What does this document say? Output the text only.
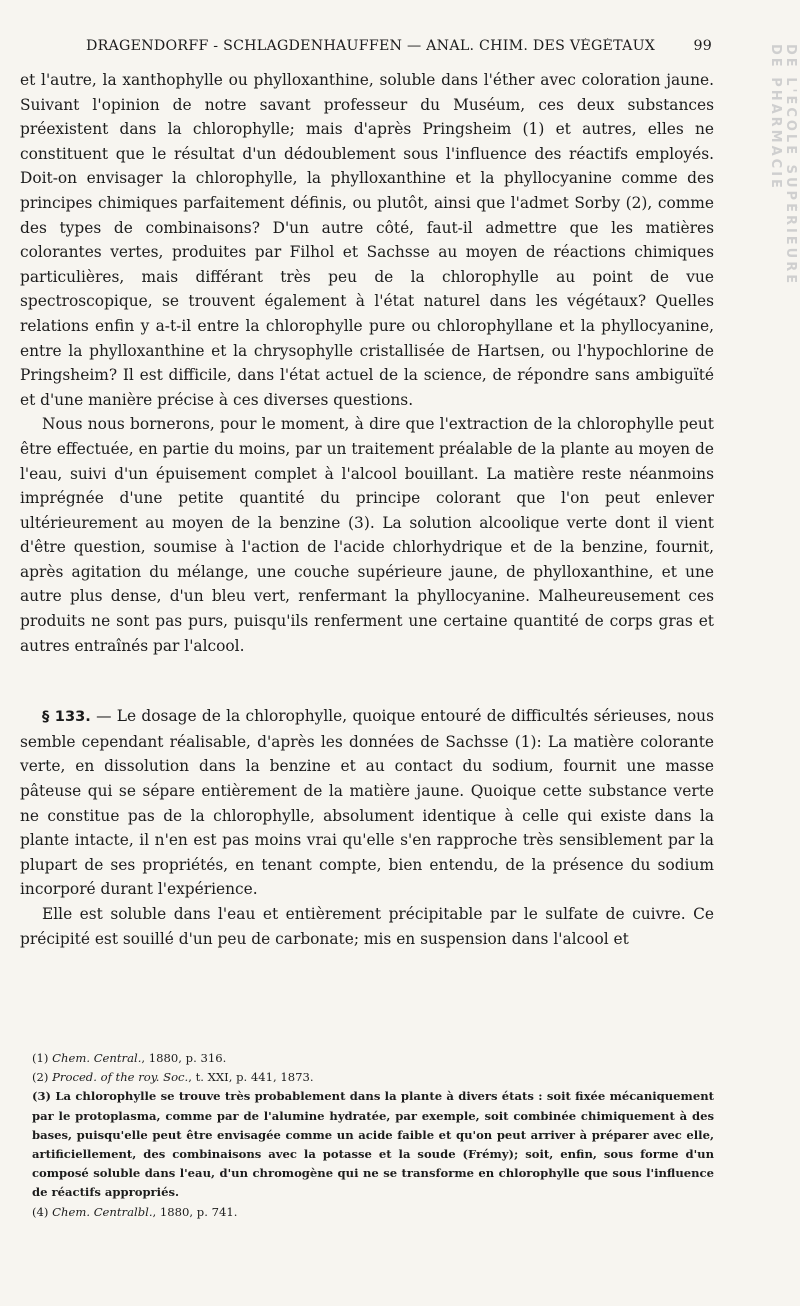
DRAGENDORFF - SCHLAGDENHAUFFEN — ANAL. CHIM. DES VÉGÉTAUX	99	DE L'ÉCOLE SUPÉRIEURE
DE PHARMACIE

et l'autre, la xanthophylle ou phylloxanthine, soluble dans l'éther avec coloration jaune. Suivant l'opinion de notre savant professeur du Muséum, ces deux substances préexistent dans la chlorophylle; mais d'après Pringsheim (1) et autres, elles ne constituent que le résultat d'un dédoublement sous l'influence des réactifs employés. Doit-on envisager la chlorophylle, la phylloxanthine et la phyllocyanine comme des principes chimiques parfaitement définis, ou plutôt, ainsi que l'admet Sorby (2), comme des types de combinaisons? D'un autre côté, faut-il admettre que les matières colorantes vertes, produites par Filhol et Sachsse au moyen de réactions chimiques particulières, mais différant très peu de la chlorophylle au point de vue spectroscopique, se trouvent également à l'état naturel dans les végétaux? Quelles relations enfin y a-t-il entre la chlorophylle pure ou chlorophyllane et la phyllocyanine, entre la phylloxanthine et la chrysophylle cristallisée de Hartsen, ou l'hypochlorine de Pringsheim? Il est difficile, dans l'état actuel de la science, de répondre sans ambiguïté et d'une manière précise à ces diverses questions.

Nous nous bornerons, pour le moment, à dire que l'extraction de la chlorophylle peut être effectuée, en partie du moins, par un traitement préalable de la plante au moyen de l'eau, suivi d'un épuisement complet à l'alcool bouillant. La matière reste néanmoins imprégnée d'une petite quantité du principe colorant que l'on peut enlever ultérieurement au moyen de la benzine (3). La solution alcoolique verte dont il vient d'être question, soumise à l'action de l'acide chlorhydrique et de la benzine, fournit, après agitation du mélange, une couche supérieure jaune, de phylloxanthine, et une autre plus dense, d'un bleu vert, renfermant la phyllocyanine. Malheureusement ces produits ne sont pas purs, puisqu'ils renferment une certaine quantité de corps gras et autres entraînés par l'alcool.

§ 133. — Le dosage de la chlorophylle, quoique entouré de difficultés sérieuses, nous semble cependant réalisable, d'après les données de Sachsse (1): La matière colorante verte, en dissolution dans la benzine et au contact du sodium, fournit une masse pâteuse qui se sépare entièrement de la matière jaune. Quoique cette substance verte ne constitue pas de la chlorophylle, absolument identique à celle qui existe dans la plante intacte, il n'en est pas moins vrai qu'elle s'en rapproche très sensiblement par la plupart de ses propriétés, en tenant compte, bien entendu, de la présence du sodium incorporé durant l'expérience.

Elle est soluble dans l'eau et entièrement précipitable par le sulfate de cuivre. Ce précipité est souillé d'un peu de carbonate; mis en suspension dans l'alcool et

(1) Chem. Central., 1880, p. 316.

(2) Proced. of the roy. Soc., t. XXI, p. 441, 1873.

(3) La chlorophylle se trouve très probablement dans la plante à divers états : soit fixée mécaniquement par le protoplasma, comme par de l'alumine hydratée, par exemple, soit combinée chimiquement à des bases, puisqu'elle peut être envisagée comme un acide faible et qu'on peut arriver à préparer avec elle, artificiellement, des combinaisons avec la potasse et la soude (Frémy); soit, enfin, sous forme d'un composé soluble dans l'eau, d'un chromogène qui ne se transforme en chlorophylle que sous l'influence de réactifs appropriés.

(4) Chem. Centralbl., 1880, p. 741.
